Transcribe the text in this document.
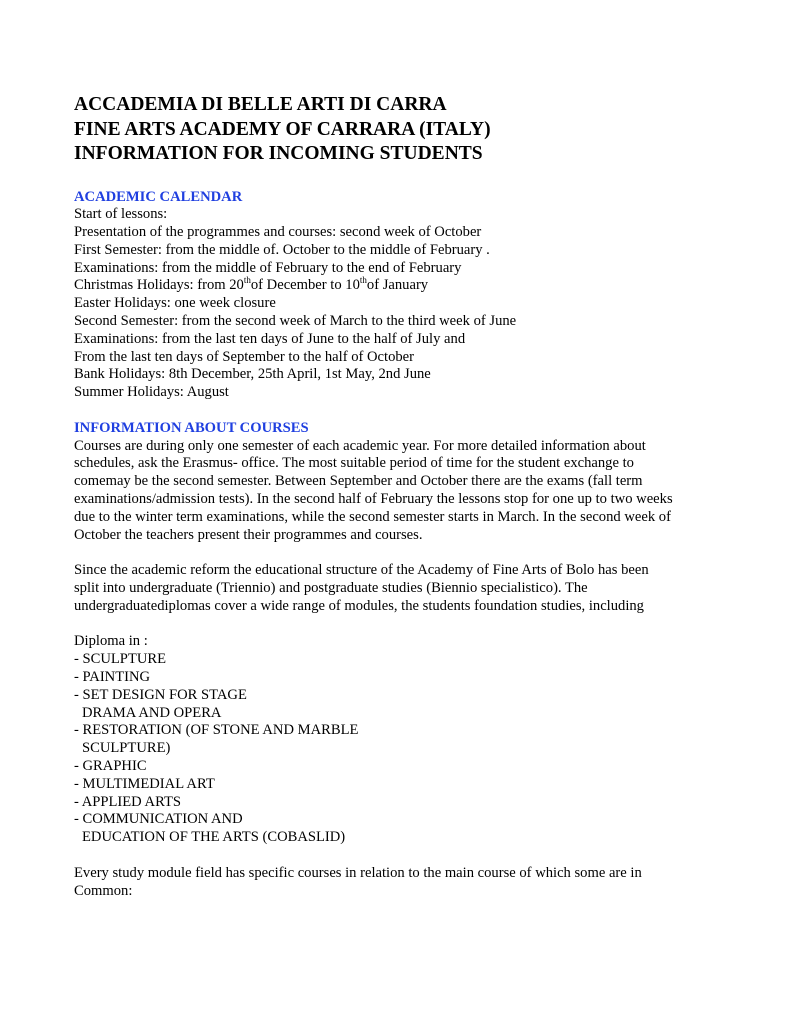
ACCADEMIA DI BELLE ARTI DI CARRA
FINE ARTS ACADEMY OF CARRARA (ITALY)
INFORMATION FOR INCOMING STUDENTS
ACADEMIC CALENDAR
Start of lessons:
Presentation of the programmes and courses: second week of October
First Semester: from the middle of. October to the middle of February .
Examinations: from the middle of February to the end of February
Christmas Holidays: from 20thof December to 10thof January
Easter Holidays: one week closure
Second Semester: from the second week of March to the third week of June
Examinations: from the last ten days of June to the half of July and
From the last ten days of September to the half of October
Bank Holidays: 8th December, 25th April, 1st May, 2nd June
Summer Holidays: August
INFORMATION ABOUT COURSES
Courses are during only one semester of each academic year. For more detailed information about
schedules, ask the Erasmus- office. The most suitable period of time for the student exchange to
comemay be the second semester. Between September and October there are the exams (fall term
examinations/admission tests). In the second half of February the lessons stop for one up to two weeks
due to the winter term examinations, while the second semester starts in March. In the second week of
October the teachers present their programmes and courses.
Since the academic reform the educational structure of the Academy of Fine Arts of Bolo has been
split into undergraduate (Triennio) and postgraduate studies (Biennio specialistico). The
undergraduatediplomas cover a wide range of modules, the students foundation studies, including
Diploma in :
- SCULPTURE
- PAINTING
- SET DESIGN FOR STAGE
DRAMA AND OPERA
- RESTORATION (OF STONE AND MARBLE
SCULPTURE)
- GRAPHIC
- MULTIMEDIAL ART
- APPLIED ARTS
- COMMUNICATION AND
EDUCATION OF THE ARTS (COBASLID)
Every study module field has specific courses in relation to the main course of which some are in
Common:
